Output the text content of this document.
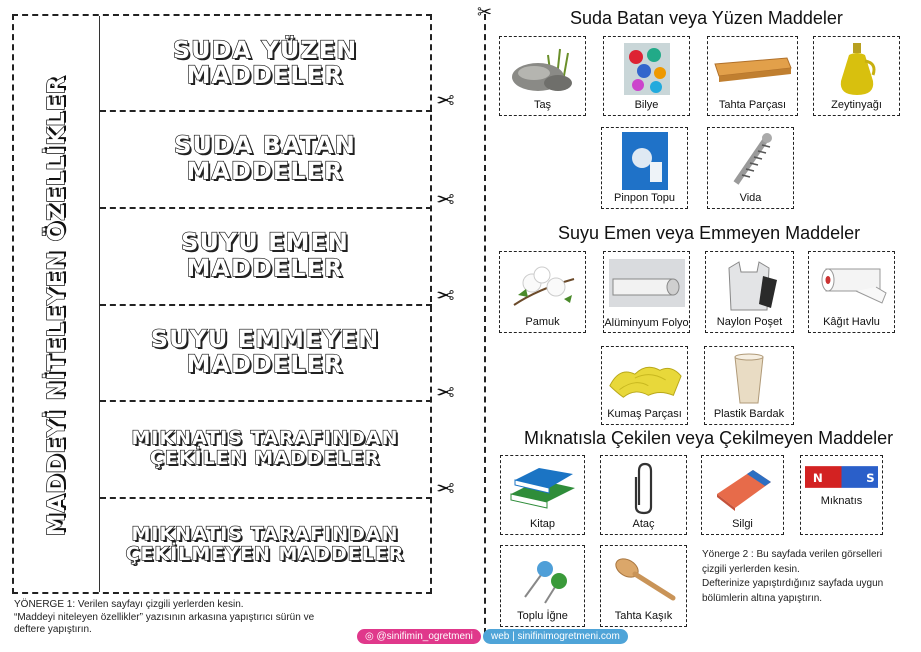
MADDEYİ NİTELEYEN ÖZELLİKLER
SUDA YÜZEN
MADDELER
SUDA BATAN
MADDELER
SUYU EMEN
MADDELER
SUYU EMMEYEN
MADDELER
MIKNATIS TARAFINDAN
ÇEKİLEN MADDELER
MIKNATIS TARAFINDAN
ÇEKİLMEYEN MADDELER
✂
✂
✂
✂
✂
YÖNERGE 1: Verilen sayfayı çizgili yerlerden kesin.
“Maddeyi niteleyen özellikler” yazısının arkasına yapıştırıcı sürün ve
deftere yapıştırın.
✂	Suda Batan veya Yüzen Maddeler
Taş	Bilye	Tahta Parçası	Zeytinyağı
Pinpon Topu	Vida
Suyu Emen veya Emmeyen Maddeler
Pamuk	Alüminyum Folyo	Naylon Poşet	Kâğıt Havlu
Kumaş Parçası	Plastik Bardak
Mıknatısla Çekilen veya Çekilmeyen Maddeler
Kitap	Ataç	Silgi
N	S
Mıknatıs
Toplu İğne	Tahta Kaşık
Yönerge 2 : Bu sayfada verilen görselleri
çizgili yerlerden kesin.
Defterinize yapıştırdığınız sayfada uygun
bölümlerin altına yapıştırın.
◎ @sinifimin_ogretmeni	web | sinifinimogretmeni.com
